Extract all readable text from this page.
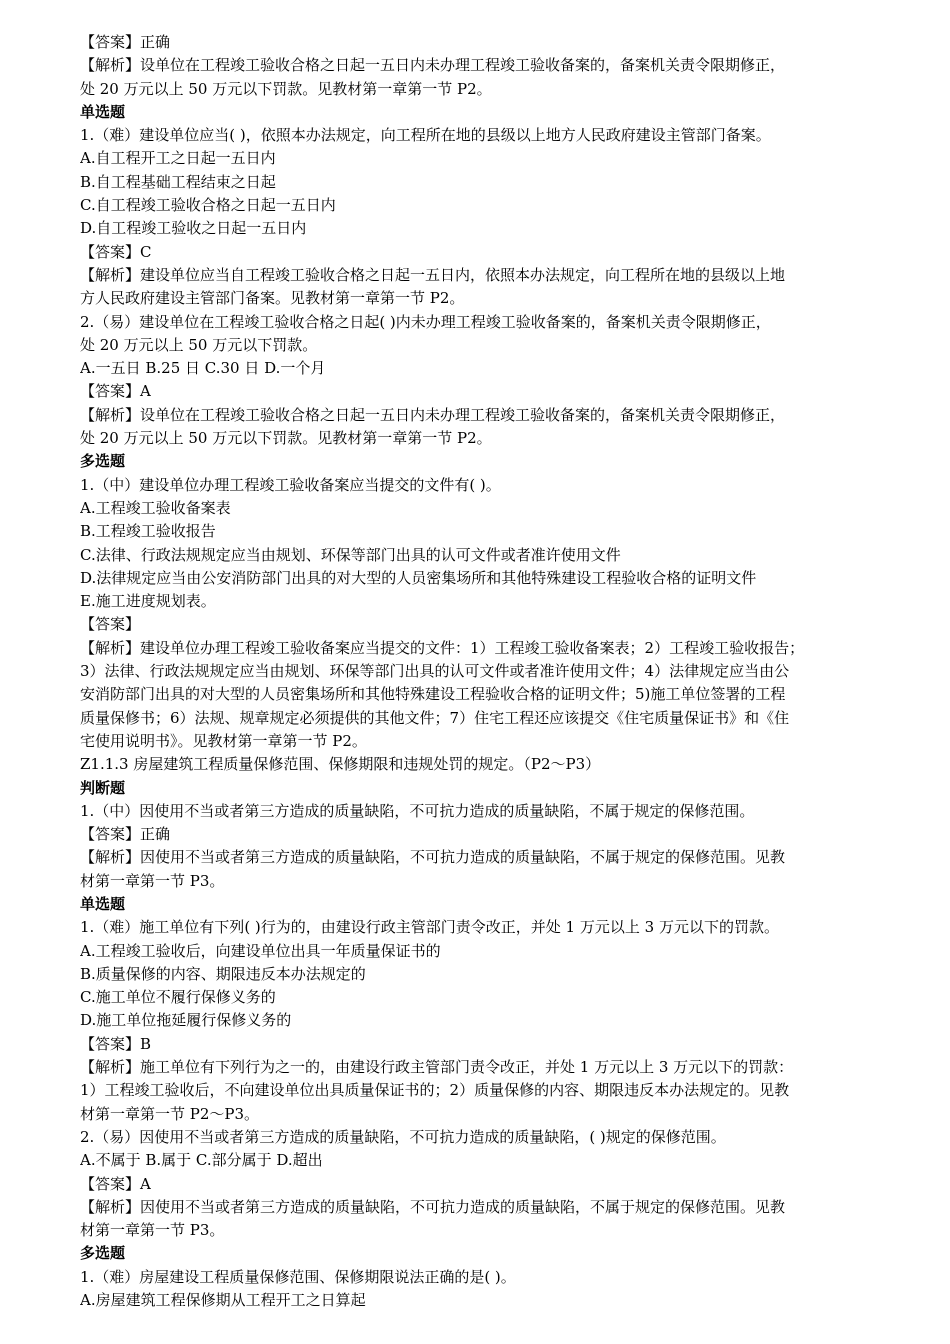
【答案】正确
【解析】设单位在工程竣工验收合格之日起一五日内未办理工程竣工验收备案的，备案机关责令限期修正，
处 20 万元以上 50 万元以下罚款。见教材第一章第一节 P2。
单选题
1.（难）建设单位应当( )，依照本办法规定，向工程所在地的县级以上地方人民政府建设主管部门备案。
A.自工程开工之日起一五日内
B.自工程基础工程结束之日起
C.自工程竣工验收合格之日起一五日内
D.自工程竣工验收之日起一五日内
【答案】C
【解析】建设单位应当自工程竣工验收合格之日起一五日内，依照本办法规定，向工程所在地的县级以上地
方人民政府建设主管部门备案。见教材第一章第一节 P2。
2.（易）建设单位在工程竣工验收合格之日起( )内未办理工程竣工验收备案的，备案机关责令限期修正，
处 20 万元以上 50 万元以下罚款。
A.一五日 B.25 日 C.30 日 D.一个月
【答案】A
【解析】设单位在工程竣工验收合格之日起一五日内未办理工程竣工验收备案的，备案机关责令限期修正，
处 20 万元以上 50 万元以下罚款。见教材第一章第一节 P2。
多选题
1.（中）建设单位办理工程竣工验收备案应当提交的文件有( )。
A.工程竣工验收备案表
B.工程竣工验收报告
C.法律、行政法规规定应当由规划、环保等部门出具的认可文件或者准许使用文件
D.法律规定应当由公安消防部门出具的对大型的人员密集场所和其他特殊建设工程验收合格的证明文件
E.施工进度规划表。
【答案】
【解析】建设单位办理工程竣工验收备案应当提交的文件：1）工程竣工验收备案表；2）工程竣工验收报告；
3）法律、行政法规规定应当由规划、环保等部门出具的认可文件或者准许使用文件；4）法律规定应当由公
安消防部门出具的对大型的人员密集场所和其他特殊建设工程验收合格的证明文件；5)施工单位签署的工程
质量保修书；6）法规、规章规定必须提供的其他文件；7）住宅工程还应该提交《住宅质量保证书》和《住
宅使用说明书》。见教材第一章第一节 P2。
Z1.1.3 房屋建筑工程质量保修范围、保修期限和违规处罚的规定。（P2～P3）
判断题
1.（中）因使用不当或者第三方造成的质量缺陷，不可抗力造成的质量缺陷，不属于规定的保修范围。
【答案】正确
【解析】因使用不当或者第三方造成的质量缺陷，不可抗力造成的质量缺陷，不属于规定的保修范围。见教
材第一章第一节 P3。
单选题
1.（难）施工单位有下列( )行为的，由建设行政主管部门责令改正，并处 1 万元以上 3 万元以下的罚款。
A.工程竣工验收后，向建设单位出具一年质量保证书的
B.质量保修的内容、期限违反本办法规定的
C.施工单位不履行保修义务的
D.施工单位拖延履行保修义务的
【答案】B
【解析】施工单位有下列行为之一的，由建设行政主管部门责令改正，并处 1 万元以上 3 万元以下的罚款：
1）工程竣工验收后，不向建设单位出具质量保证书的；2）质量保修的内容、期限违反本办法规定的。见教
材第一章第一节 P2～P3。
2.（易）因使用不当或者第三方造成的质量缺陷，不可抗力造成的质量缺陷，( )规定的保修范围。
A.不属于 B.属于 C.部分属于 D.超出
【答案】A
【解析】因使用不当或者第三方造成的质量缺陷，不可抗力造成的质量缺陷，不属于规定的保修范围。见教
材第一章第一节 P3。
多选题
1.（难）房屋建设工程质量保修范围、保修期限说法正确的是( )。
A.房屋建筑工程保修期从工程开工之日算起
